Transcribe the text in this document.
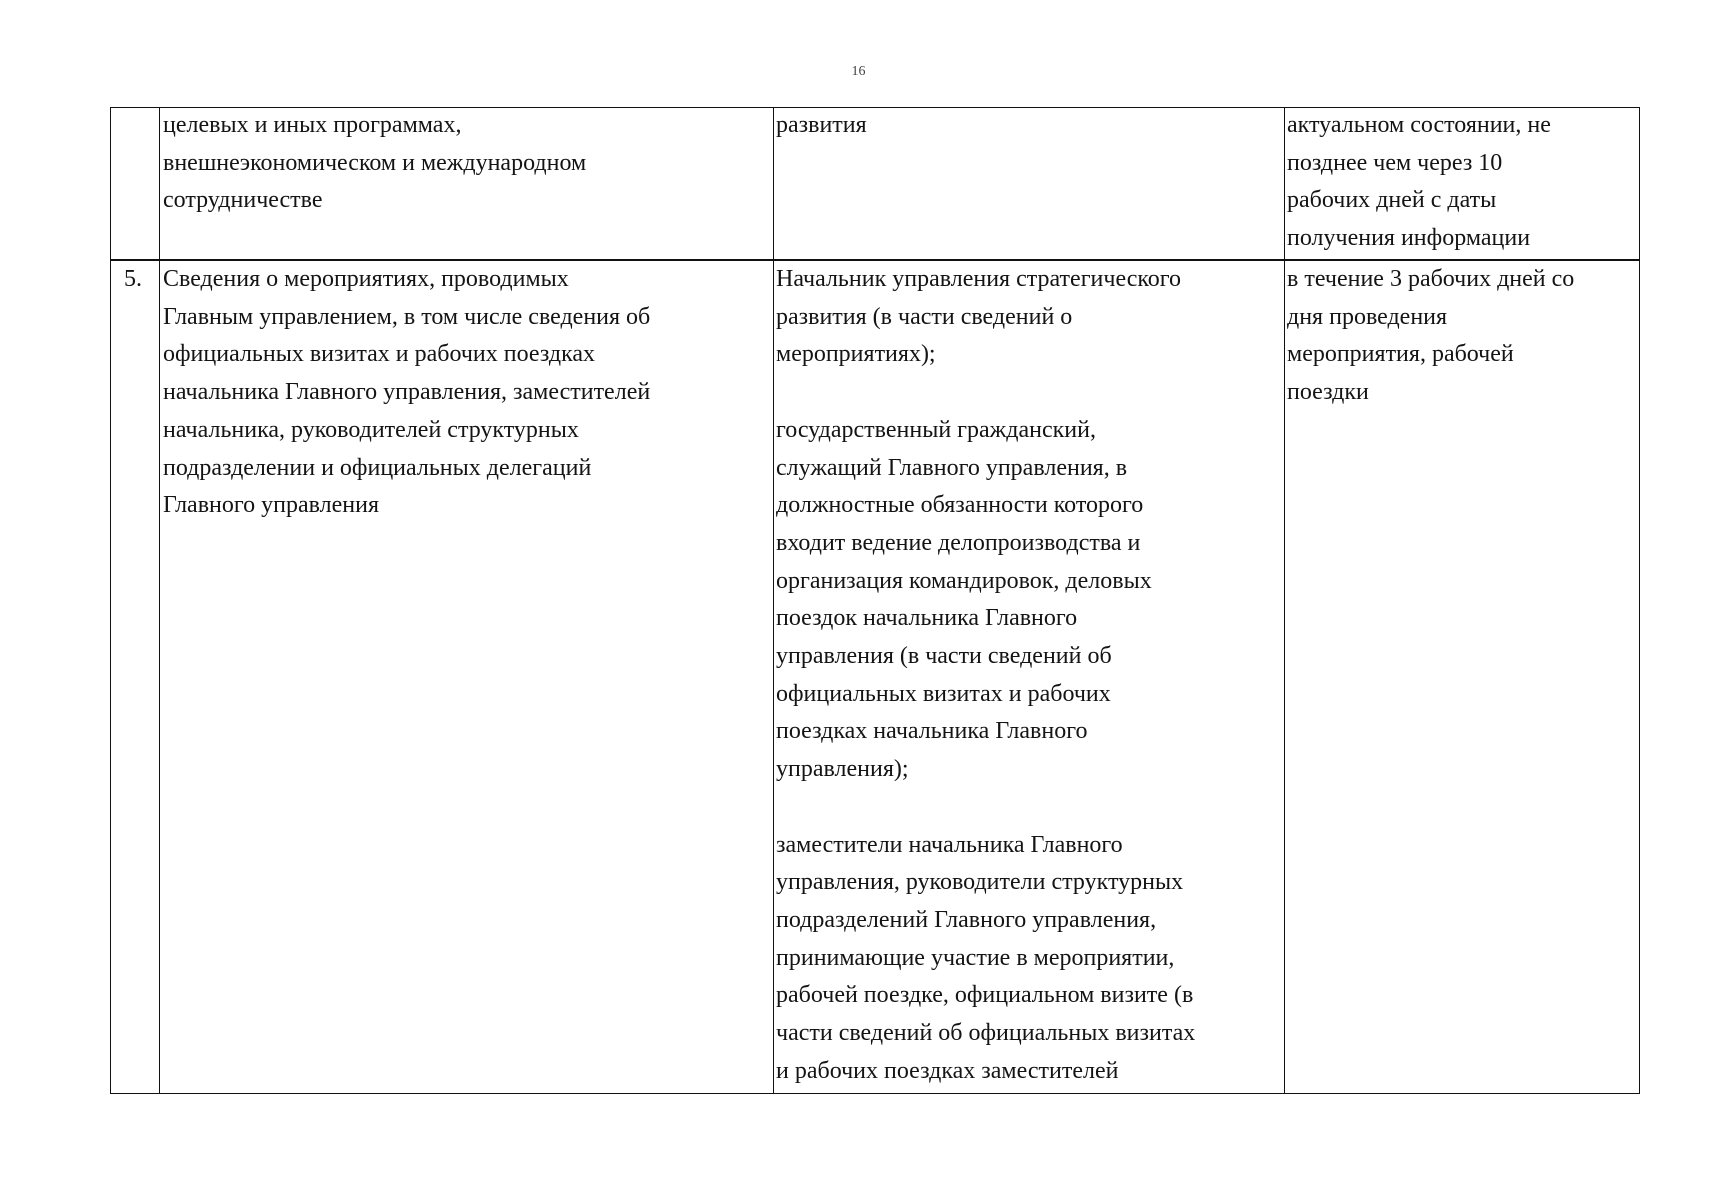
16
целевых и иных программах,
внешнеэкономическом и международном
сотрудничестве
развития	актуальном состоянии, не
позднее чем через 10
рабочих дней с даты
получения информации
5. Сведения о мероприятиях, проводимых
Главным управлением, в том числе сведения об
официальных визитах и рабочих поездках
начальника Главного управления, заместителей
начальника, руководителей структурных
подразделении и официальных делегаций
Главного управления
Начальник управления стратегического
развития (в части сведений о
мероприятиях);
государственный гражданский,
служащий Главного управления, в
должностные обязанности которого
входит ведение делопроизводства и
организация командировок, деловых
поездок начальника Главного
управления (в части сведений об
официальных визитах и рабочих
поездках начальника Главного
управления);
заместители начальника Главного
управления, руководители структурных
подразделений Главного управления,
принимающие участие в мероприятии,
рабочей поездке, официальном визите (в
части сведений об официальных визитах
и рабочих поездках заместителей
в течение 3 рабочих дней со
дня проведения
мероприятия, рабочей
поездки
